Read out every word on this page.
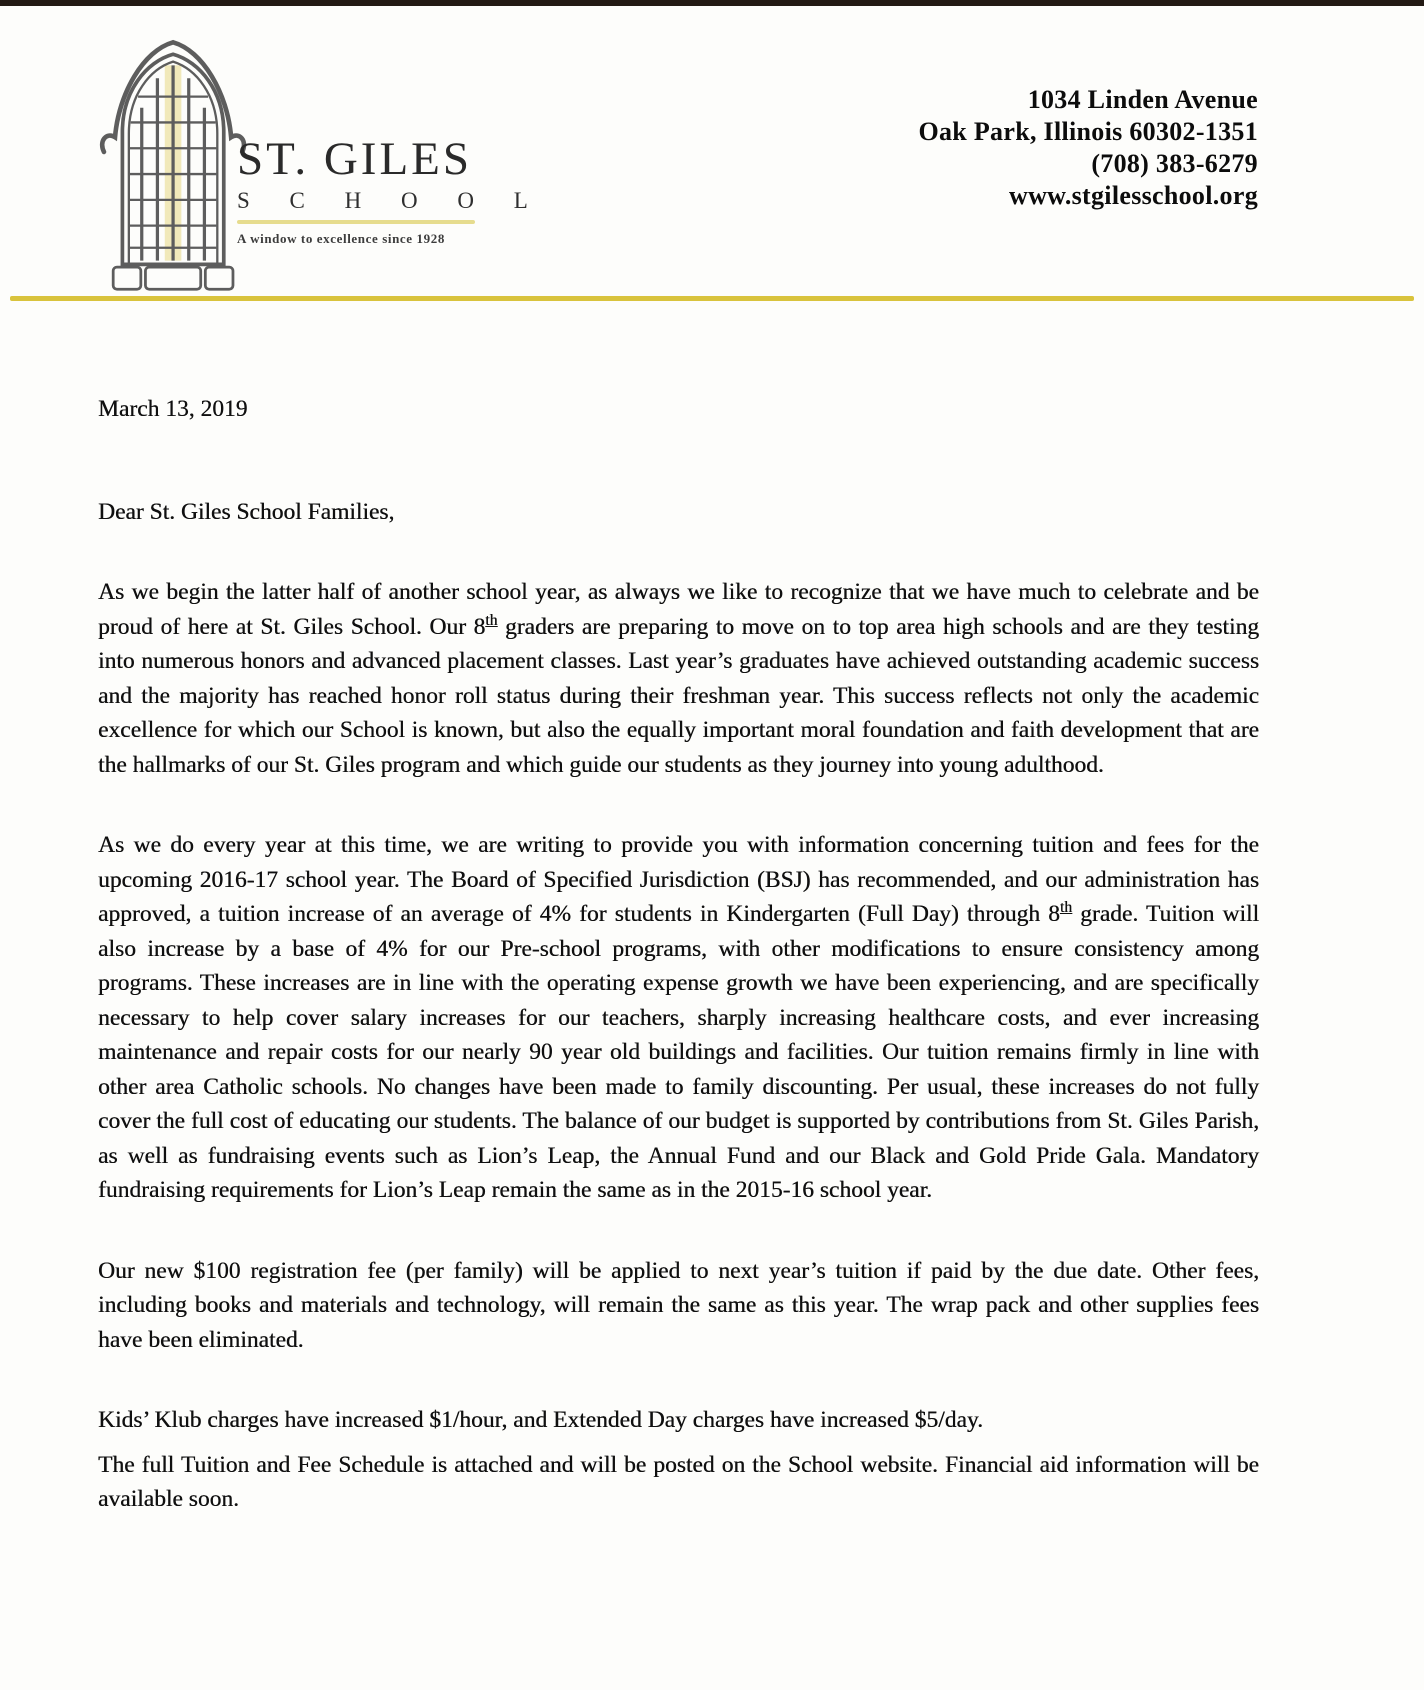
ST. GILES
S C H O O L
A window to excellence since 1928
1034 Linden Avenue
Oak Park, Illinois 60302-1351
(708) 383-6279
www.stgilesschool.org
March 13, 2019
Dear St. Giles School Families,

As we begin the latter half of another school year, as always we like to recognize that we have much to celebrate and be proud of here at St. Giles School. Our 8th graders are preparing to move on to top area high schools and are they testing into numerous honors and advanced placement classes. Last year’s graduates have achieved outstanding academic success and the majority has reached honor roll status during their freshman year. This success reflects not only the academic excellence for which our School is known, but also the equally important moral foundation and faith development that are the hallmarks of our St. Giles program and which guide our students as they journey into young adulthood.

As we do every year at this time, we are writing to provide you with information concerning tuition and fees for the upcoming 2016-17 school year. The Board of Specified Jurisdiction (BSJ) has recommended, and our administration has approved, a tuition increase of an average of 4% for students in Kindergarten (Full Day) through 8th grade. Tuition will also increase by a base of 4% for our Pre-school programs, with other modifications to ensure consistency among programs. These increases are in line with the operating expense growth we have been experiencing, and are specifically necessary to help cover salary increases for our teachers, sharply increasing healthcare costs, and ever increasing maintenance and repair costs for our nearly 90 year old buildings and facilities. Our tuition remains firmly in line with other area Catholic schools. No changes have been made to family discounting. Per usual, these increases do not fully cover the full cost of educating our students. The balance of our budget is supported by contributions from St. Giles Parish, as well as fundraising events such as Lion’s Leap, the Annual Fund and our Black and Gold Pride Gala. Mandatory fundraising requirements for Lion’s Leap remain the same as in the 2015-16 school year.

Our new $100 registration fee (per family) will be applied to next year’s tuition if paid by the due date. Other fees, including books and materials and technology, will remain the same as this year. The wrap pack and other supplies fees have been eliminated.

Kids’ Klub charges have increased $1/hour, and Extended Day charges have increased $5/day.

The full Tuition and Fee Schedule is attached and will be posted on the School website. Financial aid information will be available soon.
